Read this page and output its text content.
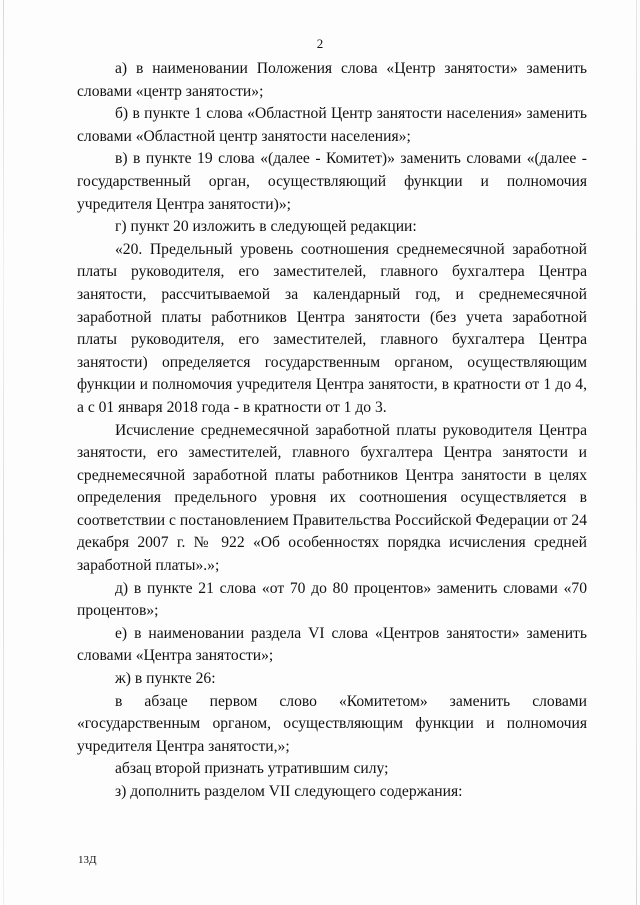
2

а) в наименовании Положения слова «Центр занятости» заменить словами «центр занятости»;

б) в пункте 1 слова «Областной Центр занятости населения» заменить словами «Областной центр занятости населения»;

в) в пункте 19 слова «(далее - Комитет)» заменить словами «(далее - государственный орган, осуществляющий функции и полномочия учредителя Центра занятости)»;

г) пункт 20 изложить в следующей редакции:

«20. Предельный уровень соотношения среднемесячной заработной платы руководителя, его заместителей, главного бухгалтера Центра занятости, рассчитываемой за календарный год, и среднемесячной заработной платы работников Центра занятости (без учета заработной платы руководителя, его заместителей, главного бухгалтера Центра занятости) определяется государственным органом, осуществляющим функции и полномочия учредителя Центра занятости, в кратности от 1 до 4, а с 01 января 2018 года - в кратности от 1 до 3.

Исчисление среднемесячной заработной платы руководителя Центра занятости, его заместителей, главного бухгалтера Центра занятости и среднемесячной заработной платы работников Центра занятости в целях определения предельного уровня их соотношения осуществляется в соответствии с постановлением Правительства Российской Федерации от 24 декабря 2007 г. № 922 «Об особенностях порядка исчисления средней заработной платы».»;

д) в пункте 21 слова «от 70 до 80 процентов» заменить словами «70 процентов»;

е) в наименовании раздела VI слова «Центров занятости» заменить словами «Центра занятости»;

ж) в пункте 26:

в абзаце первом слово «Комитетом» заменить словами «государственным органом, осуществляющим функции и полномочия учредителя Центра занятости,»;

абзац второй признать утратившим силу;

з) дополнить разделом VII следующего содержания:

13Д
